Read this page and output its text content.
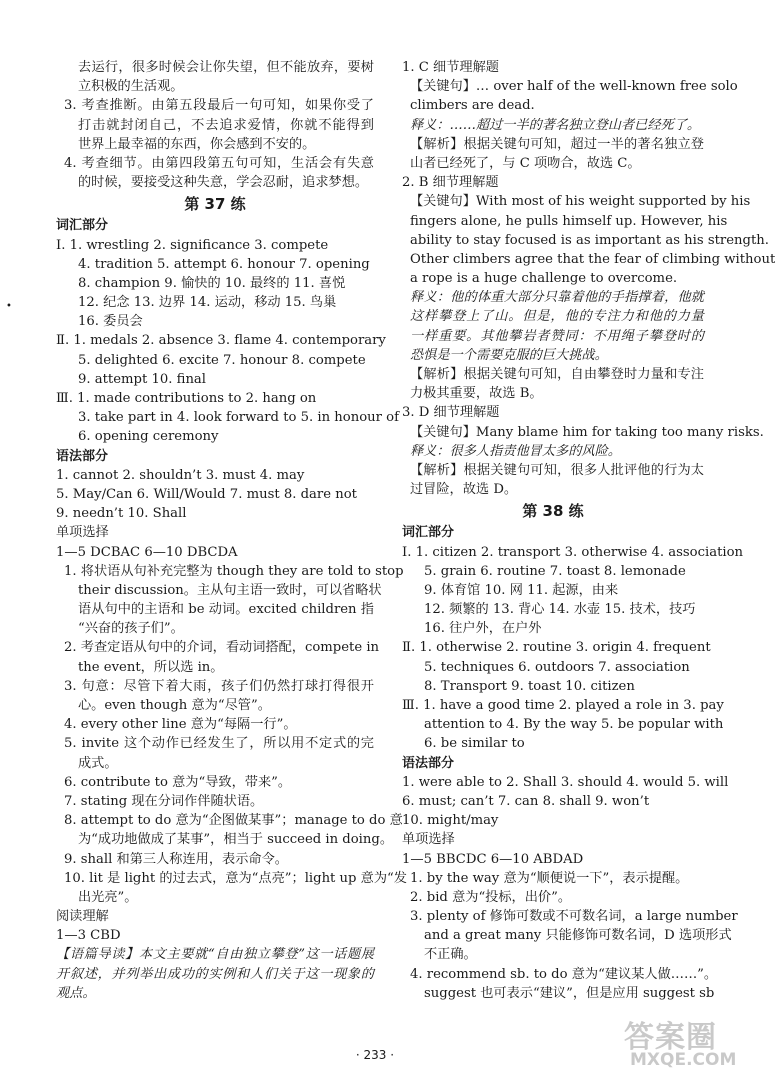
去运行，很多时候会让你失望，但不能放弃，要树
立积极的生活观。
3. 考查推断。由第五段最后一句可知，如果你受了
打击就封闭自己，不去追求爱情，你就不能得到
世界上最幸福的东西，你会感到不安的。
4. 考查细节。由第四段第五句可知，生活会有失意
的时候，要接受这种失意，学会忍耐，追求梦想。
第 37 练
词汇部分
Ⅰ. 1. wrestling 2. significance 3. compete
4. tradition 5. attempt 6. honour 7. opening
8. champion 9. 愉快的 10. 最终的 11. 喜悦
12. 纪念 13. 边界 14. 运动，移动 15. 鸟巢
16. 委员会
Ⅱ. 1. medals 2. absence 3. flame 4. contemporary
5. delighted 6. excite 7. honour 8. compete
9. attempt 10. final
Ⅲ. 1. made contributions to 2. hang on
3. take part in 4. look forward to 5. in honour of
6. opening ceremony
语法部分
1. cannot 2. shouldn’t 3. must 4. may
5. May/Can 6. Will/Would 7. must 8. dare not
9. needn’t 10. Shall
单项选择
1—5 DCBAC 6—10 DBCDA
1. 将状语从句补充完整为 though they are told to stop
their discussion。主从句主语一致时，可以省略状
语从句中的主语和 be 动词。excited children 指
“兴奋的孩子们”。
2. 考查定语从句中的介词，看动词搭配，compete in
the event，所以选 in。
3. 句意：尽管下着大雨，孩子们仍然打球打得很开
心。even though 意为“尽管”。
4. every other line 意为“每隔一行”。
5. invite 这个动作已经发生了，所以用不定式的完
成式。
6. contribute to 意为“导致，带来”。
7. stating 现在分词作伴随状语。
8. attempt to do 意为“企图做某事”；manage to do 意
为“成功地做成了某事”，相当于 succeed in doing。
9. shall 和第三人称连用，表示命令。
10. lit 是 light 的过去式，意为“点亮”；light up 意为“发
出光亮”。
阅读理解
1—3 CBD
【语篇导读】本文主要就“自由独立攀登”这一话题展
开叙述，并列举出成功的实例和人们关于这一现象的
观点。
1. C 细节理解题
【关键句】… over half of the well-known free solo
climbers are dead.
释义：……超过一半的著名独立登山者已经死了。
【解析】根据关键句可知，超过一半的著名独立登
山者已经死了，与 C 项吻合，故选 C。
2. B 细节理解题
【关键句】With most of his weight supported by his
fingers alone, he pulls himself up. However, his
ability to stay focused is as important as his strength.
Other climbers agree that the fear of climbing without
a rope is a huge challenge to overcome.
释义：他的体重大部分只靠着他的手指撑着，他就
这样攀登上了山。但是，他的专注力和他的力量
一样重要。其他攀岩者赞同：不用绳子攀登时的
恐惧是一个需要克服的巨大挑战。
【解析】根据关键句可知，自由攀登时力量和专注
力极其重要，故选 B。
3. D 细节理解题
【关键句】Many blame him for taking too many risks.
释义：很多人指责他冒太多的风险。
【解析】根据关键句可知，很多人批评他的行为太
过冒险，故选 D。
第 38 练
词汇部分
Ⅰ. 1. citizen 2. transport 3. otherwise 4. association
5. grain 6. routine 7. toast 8. lemonade
9. 体育馆 10. 网 11. 起源，由来
12. 频繁的 13. 背心 14. 水壶 15. 技术，技巧
16. 往户外，在户外
Ⅱ. 1. otherwise 2. routine 3. origin 4. frequent
5. techniques 6. outdoors 7. association
8. Transport 9. toast 10. citizen
Ⅲ. 1. have a good time 2. played a role in 3. pay
attention to 4. By the way 5. be popular with
6. be similar to
语法部分
1. were able to 2. Shall 3. should 4. would 5. will
6. must; can’t 7. can 8. shall 9. won’t
10. might/may
单项选择
1—5 BBCDC 6—10 ABDAD
1. by the way 意为“顺便说一下”，表示提醒。
2. bid 意为“投标，出价”。
3. plenty of 修饰可数或不可数名词，a large number
and a great many 只能修饰可数名词，D 选项形式
不正确。
4. recommend sb. to do 意为“建议某人做……”。
suggest 也可表示“建议”，但是应用 suggest sb
•
· 233 ·	答案圈
MXQE.COM
